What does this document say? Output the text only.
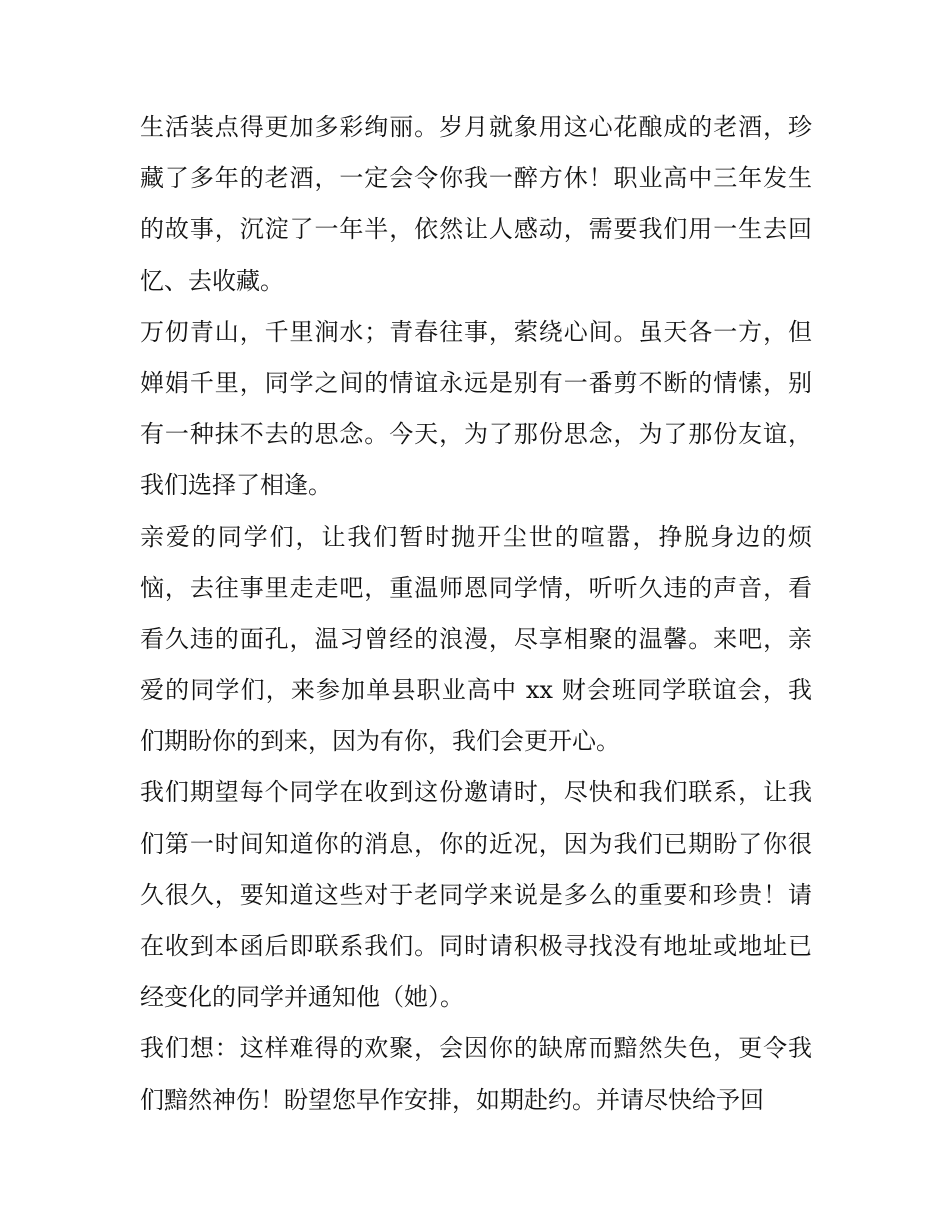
生活装点得更加多彩绚丽。岁月就象用这心花酿成的老酒，珍
藏了多年的老酒，一定会令你我一醉方休！职业高中三年发生
的故事，沉淀了一年半，依然让人感动，需要我们用一生去回
忆、去收藏。
万仞青山，千里涧水；青春往事，萦绕心间。虽天各一方，但
婵娟千里，同学之间的情谊永远是别有一番剪不断的情愫，别
有一种抹不去的思念。今天，为了那份思念，为了那份友谊，
我们选择了相逢。
亲爱的同学们，让我们暂时抛开尘世的喧嚣，挣脱身边的烦
恼，去往事里走走吧，重温师恩同学情，听听久违的声音，看
看久违的面孔，温习曾经的浪漫，尽享相聚的温馨。来吧，亲
爱的同学们，来参加单县职业高中 xx 财会班同学联谊会，我
们期盼你的到来，因为有你，我们会更开心。
我们期望每个同学在收到这份邀请时，尽快和我们联系，让我
们第一时间知道你的消息，你的近况，因为我们已期盼了你很
久很久，要知道这些对于老同学来说是多么的重要和珍贵！请
在收到本函后即联系我们。同时请积极寻找没有地址或地址已
经变化的同学并通知他（她）。
我们想：这样难得的欢聚，会因你的缺席而黯然失色，更令我
们黯然神伤！盼望您早作安排，如期赴约。并请尽快给予回
